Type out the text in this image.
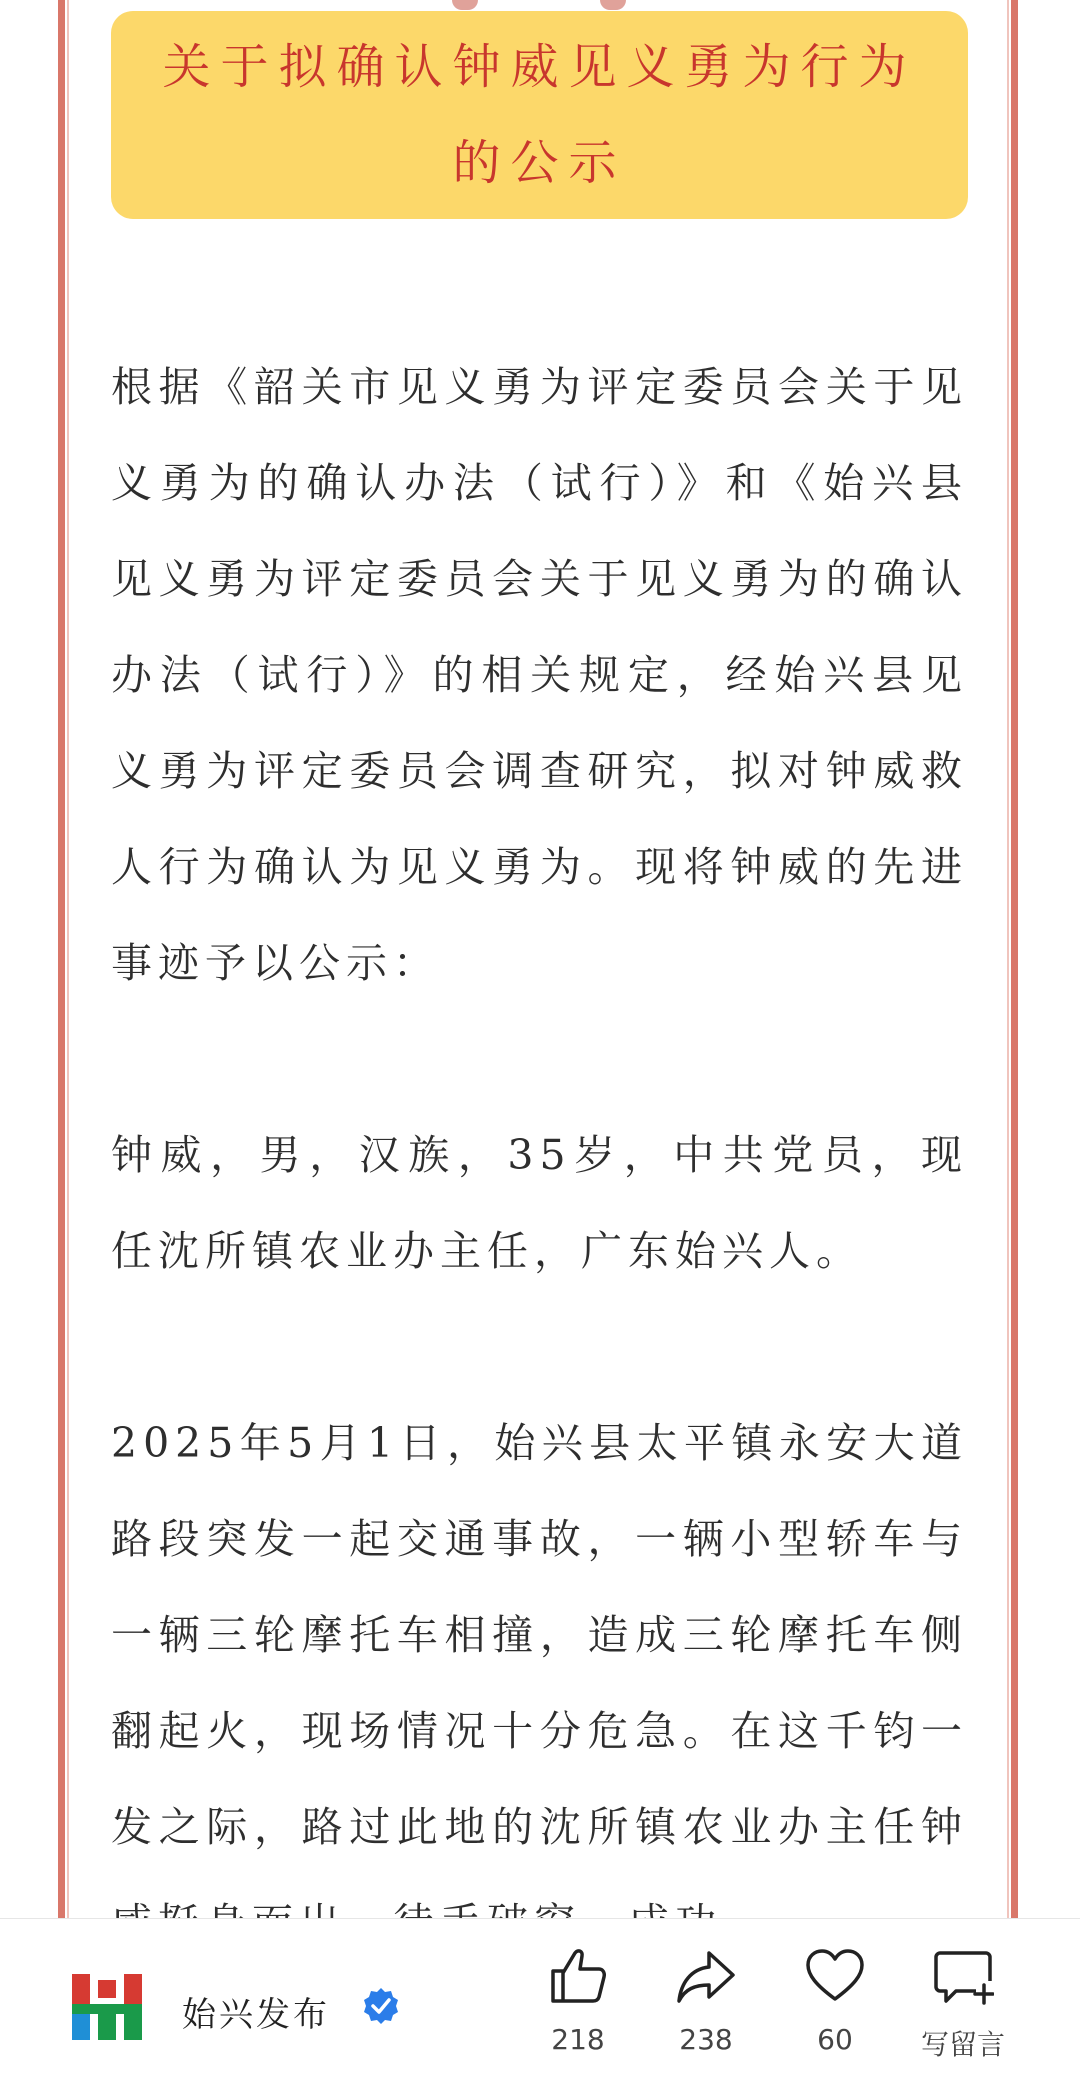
关于拟确认钟威见义勇为行为的公示

根据《韶关市见义勇为评定委员会关于见义勇为的确认办法（试行）》和《始兴县见义勇为评定委员会关于见义勇为的确认办法（试行）》的相关规定，经始兴县见义勇为评定委员会调查研究，拟对钟威救人行为确认为见义勇为。现将钟威的先进事迹予以公示：

钟威，男，汉族，35岁，中共党员，现任沈所镇农业办主任，广东始兴人。

2025年5月1日，始兴县太平镇永安大道路段突发一起交通事故，一辆小型轿车与一辆三轮摩托车相撞，造成三轮摩托车侧翻起火，现场情况十分危急。在这千钧一发之际，路过此地的沈所镇农业办主任钟

始兴发布
218	238	60 写留言
